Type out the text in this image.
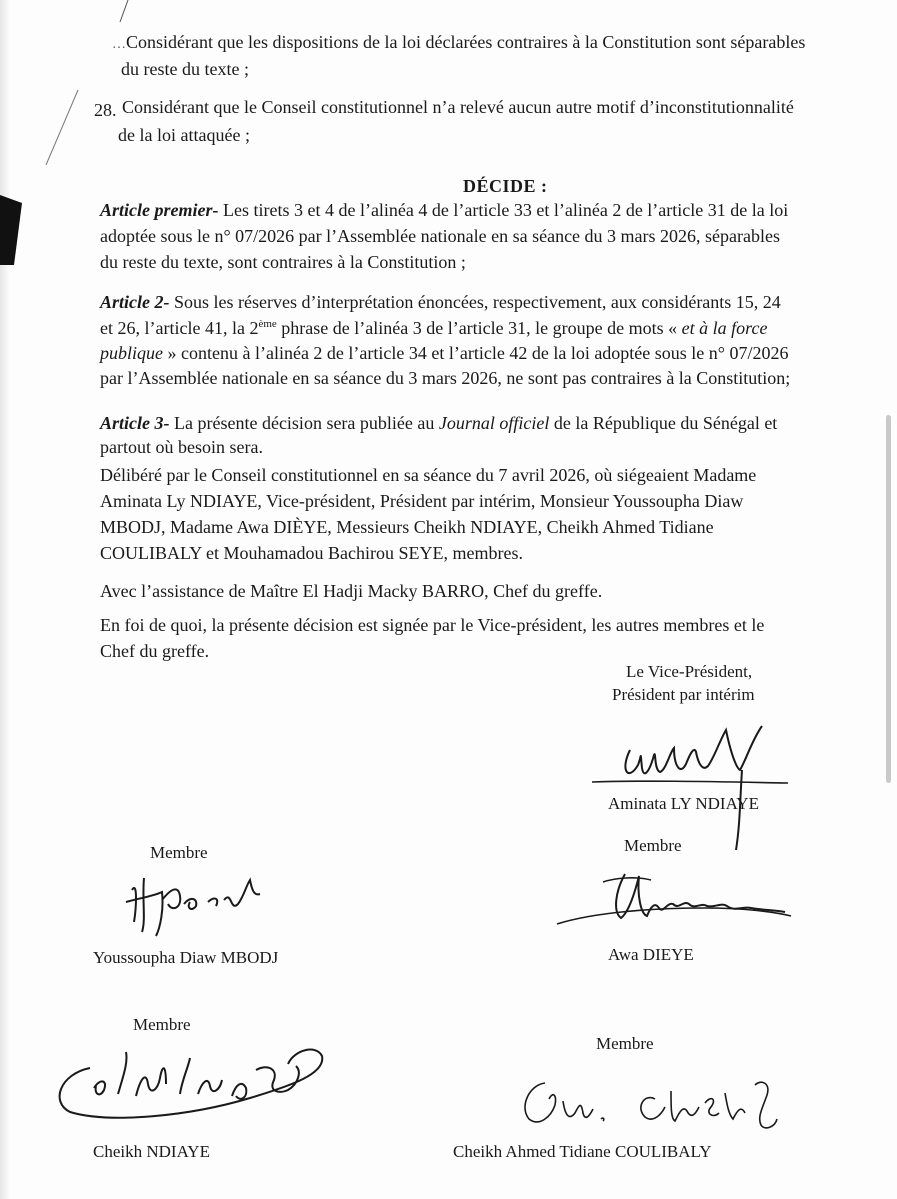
… Considérant que les dispositions de la loi déclarées contraires à la Constitution sont séparables
du reste du texte ;
28. Considérant que le Conseil constitutionnel n’a relevé aucun autre motif d’inconstitutionnalité
de la loi attaquée ;
DÉCIDE :
Article premier- Les tirets 3 et 4 de l’alinéa 4 de l’article 33 et l’alinéa 2 de l’article 31 de la loi
adoptée sous le n° 07/2026 par l’Assemblée nationale en sa séance du 3 mars 2026, séparables
du reste du texte, sont contraires à la Constitution ;
Article 2- Sous les réserves d’interprétation énoncées, respectivement, aux considérants 15, 24
et 26, l’article 41, la 2ème phrase de l’alinéa 3 de l’article 31, le groupe de mots « et à la force
publique » contenu à l’alinéa 2 de l’article 34 et l’article 42 de la loi adoptée sous le n° 07/2026
par l’Assemblée nationale en sa séance du 3 mars 2026, ne sont pas contraires à la Constitution;
Article 3- La présente décision sera publiée au Journal officiel de la République du Sénégal et
partout où besoin sera.
Délibéré par le Conseil constitutionnel en sa séance du 7 avril 2026, où siégeaient Madame
Aminata Ly NDIAYE, Vice-président, Président par intérim, Monsieur Youssoupha Diaw
MBODJ, Madame Awa DIÈYE, Messieurs Cheikh NDIAYE, Cheikh Ahmed Tidiane
COULIBALY et Mouhamadou Bachirou SEYE, membres.
Avec l’assistance de Maître El Hadji Macky BARRO, Chef du greffe.
En foi de quoi, la présente décision est signée par le Vice-président, les autres membres et le
Chef du greffe.
Le Vice-Président,
Président par intérim
Aminata LY NDIAYE
Membre
Youssoupha Diaw MBODJ
Membre
Awa DIEYE
Membre
Cheikh NDIAYE
Membre
Cheikh Ahmed Tidiane COULIBALY
